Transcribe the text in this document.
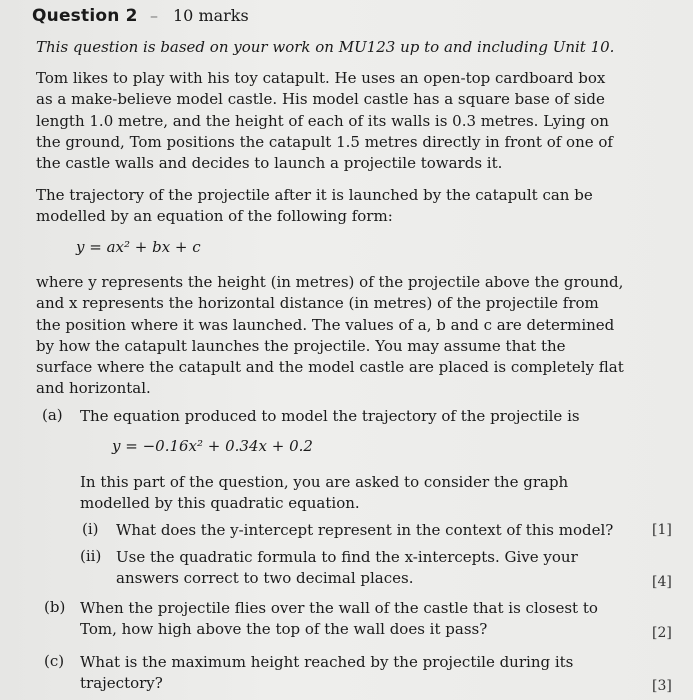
Question 2 – 10 marks
This question is based on your work on MU123 up to and including Unit 10.
Tom likes to play with his toy catapult. He uses an open-top cardboard box
as a make-believe model castle. His model castle has a square base of side
length 1.0 metre, and the height of each of its walls is 0.3 metres. Lying on
the ground, Tom positions the catapult 1.5 metres directly in front of one of
the castle walls and decides to launch a projectile towards it.
The trajectory of the projectile after it is launched by the catapult can be
modelled by an equation of the following form:
y = ax² + bx + c
where y represents the height (in metres) of the projectile above the ground,
and x represents the horizontal distance (in metres) of the projectile from
the position where it was launched. The values of a, b and c are determined
by how the catapult launches the projectile. You may assume that the
surface where the catapult and the model castle are placed is completely flat
and horizontal.
(a) The equation produced to model the trajectory of the projectile is
y = −0.16x² + 0.34x + 0.2
In this part of the question, you are asked to consider the graph
modelled by this quadratic equation.
(i) What does the y-intercept represent in the context of this model?	[1]
(ii) Use the quadratic formula to find the x-intercepts. Give your
answers correct to two decimal places.	[4]
(b) When the projectile flies over the wall of the castle that is closest to
Tom, how high above the top of the wall does it pass?	[2]
(c) What is the maximum height reached by the projectile during its
trajectory?	[3]
